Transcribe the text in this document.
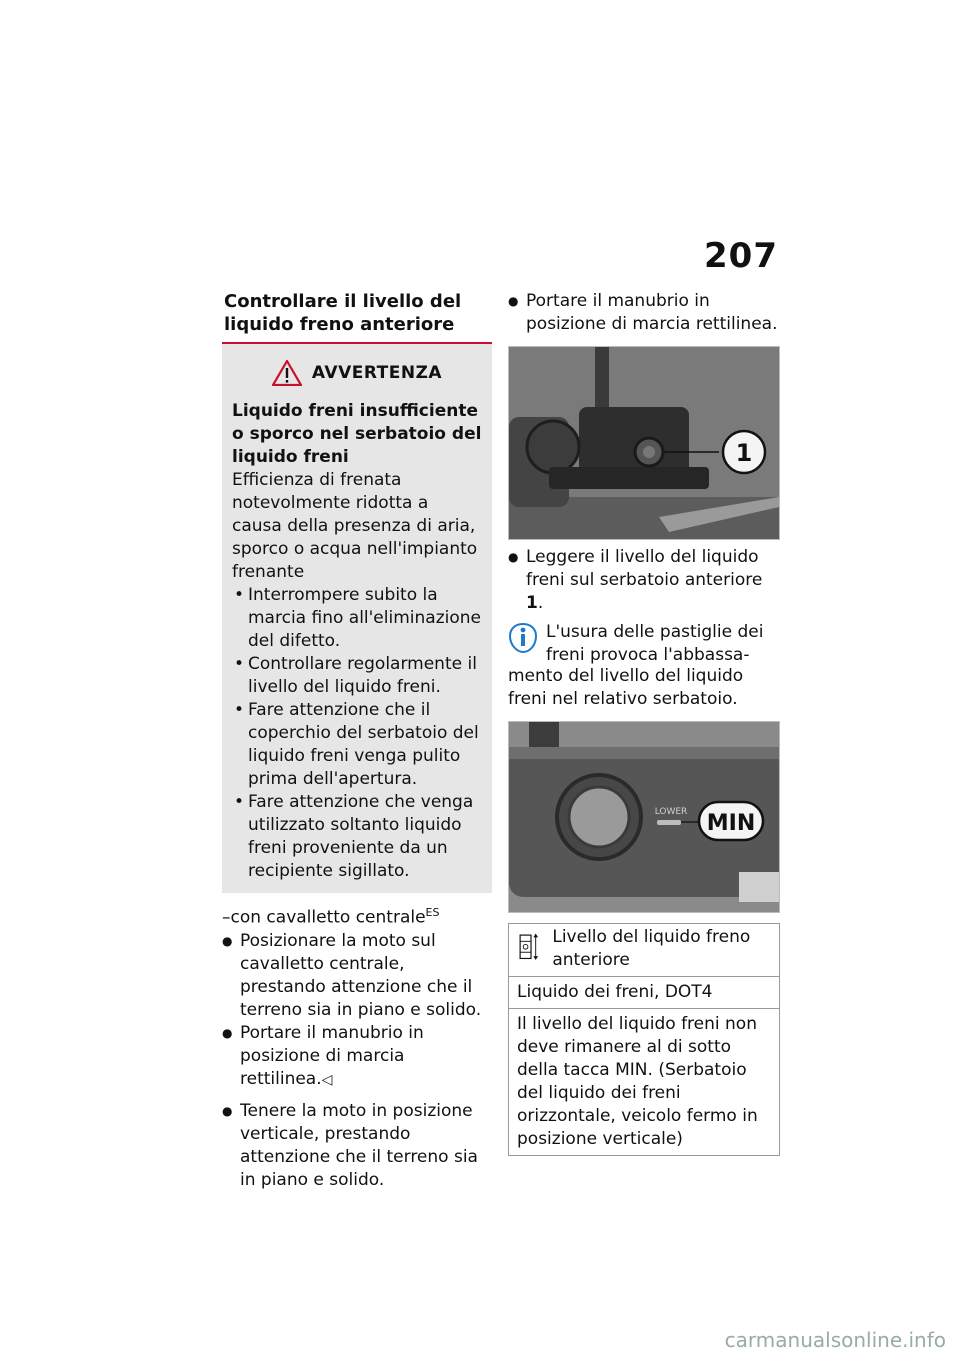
207
Controllare il livello del liquido freno anteriore
AVVERTENZA
Liquido freni insufficiente o sporco nel serbatoio del liquido freni
Efficienza di frenata notevolmente ridotta a causa della presenza di aria, sporco o acqua nell'impianto frenante
• Interrompere subito la marcia fino all'eliminazione del difetto.
• Controllare regolarmente il livello del liquido freni.
• Fare attenzione che il coperchio del serbatoio del liquido freni venga pulito prima dell'apertura.
• Fare attenzione che venga utilizzato soltanto liquido freni proveniente da un recipiente sigillato.
–con cavalletto centrale$^{ES}$
● Posizionare la moto sul cavalletto centrale, prestando attenzione che il terreno sia in piano e solido.
● Portare il manubrio in posizione di marcia rettilinea.◁
● Tenere la moto in posizione verticale, prestando attenzione che il terreno sia in piano e solido.
● Portare il manubrio in posizione di marcia rettilinea.
1
● Leggere il livello del liquido freni sul serbatoio anteriore 1.
L'usura delle pastiglie dei freni provoca l'abbassa-
mento del livello del liquido freni nel relativo serbatoio.
LOWER MIN
Livello del liquido freno anteriore
Liquido dei freni, DOT4
Il livello del liquido freni non deve rimanere al di sotto della tacca MIN. (Serbatoio del liquido dei freni orizzontale, veicolo fermo in posizione verticale)
carmanualsonline.info
